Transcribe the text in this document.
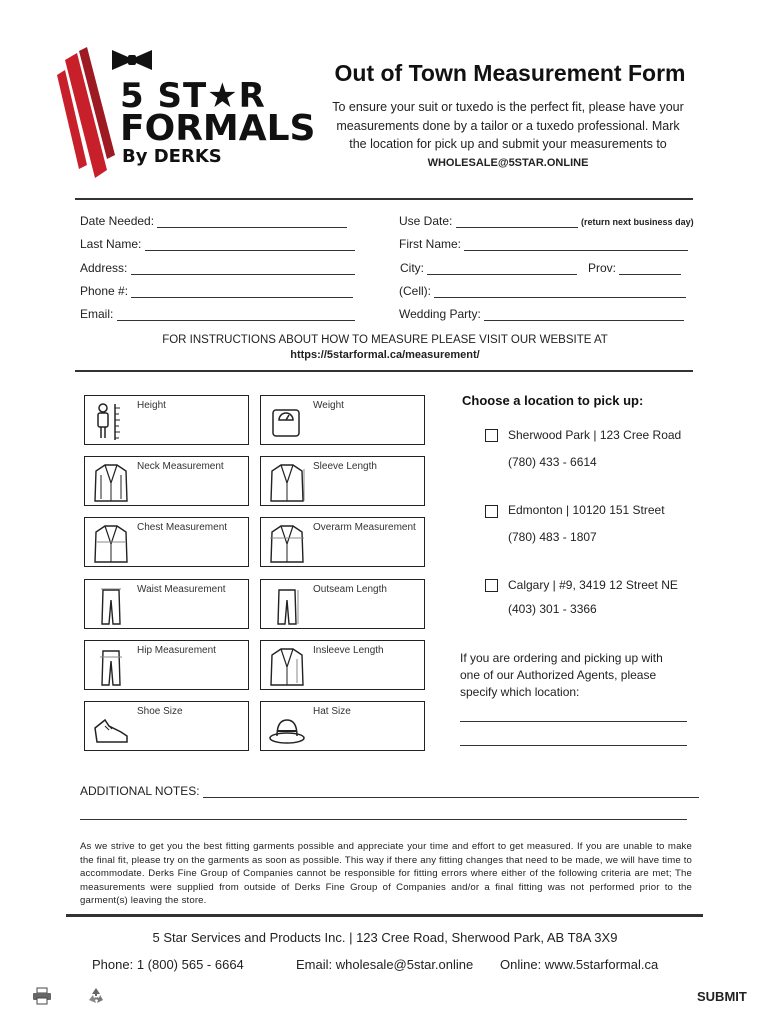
5 ST★R
FORMALS
By DERKS
Out of Town Measurement Form
To ensure your suit or tuxedo is the perfect fit, please have your
measurements done by a tailor or a tuxedo professional. Mark
the location for pick up and submit your measurements to
WHOLESALE@5STAR.ONLINE
Date Needed:	Use Date:	(return next business day)
Last Name:	First Name:
Address:	City:	Prov:
Phone #:	(Cell):
Email:	Wedding Party:
FOR INSTRUCTIONS ABOUT HOW TO MEASURE PLEASE VISIT OUR WEBSITE AT
https://5starformal.ca/measurement/
Height	Weight
Neck Measurement	Sleeve Length
Chest Measurement	Overarm Measurement
Waist Measurement	Outseam Length
Hip Measurement	Insleeve Length
Shoe Size	Hat Size
Choose a location to pick up:
Sherwood Park | 123 Cree Road
(780) 433 - 6614
Edmonton | 10120 151 Street
(780) 483 - 1807
Calgary | #9, 3419 12 Street NE
(403) 301 - 3366
If you are ordering and picking up with
one of our Authorized Agents, please
specify which location:
ADDITIONAL NOTES:
As we strive to get you the best fitting garments possible and appreciate your time and effort to get measured. If you are unable to make the final fit, please try on the garments as soon as possible. This way if there any fitting changes that need to be made, we will have time to accommodate. Derks Fine Group of Companies cannot be responsible for fitting errors where either of the following criteria are met; The measurements were supplied from outside of Derks Fine Group of Companies and/or a final fitting was not performed prior to the garment(s) leaving the store.
5 Star Services and Products Inc. | 123 Cree Road, Sherwood Park, AB T8A 3X9
Phone: 1 (800) 565 - 6664	Email: wholesale@5star.online Online: www.5starformal.ca
SUBMIT
